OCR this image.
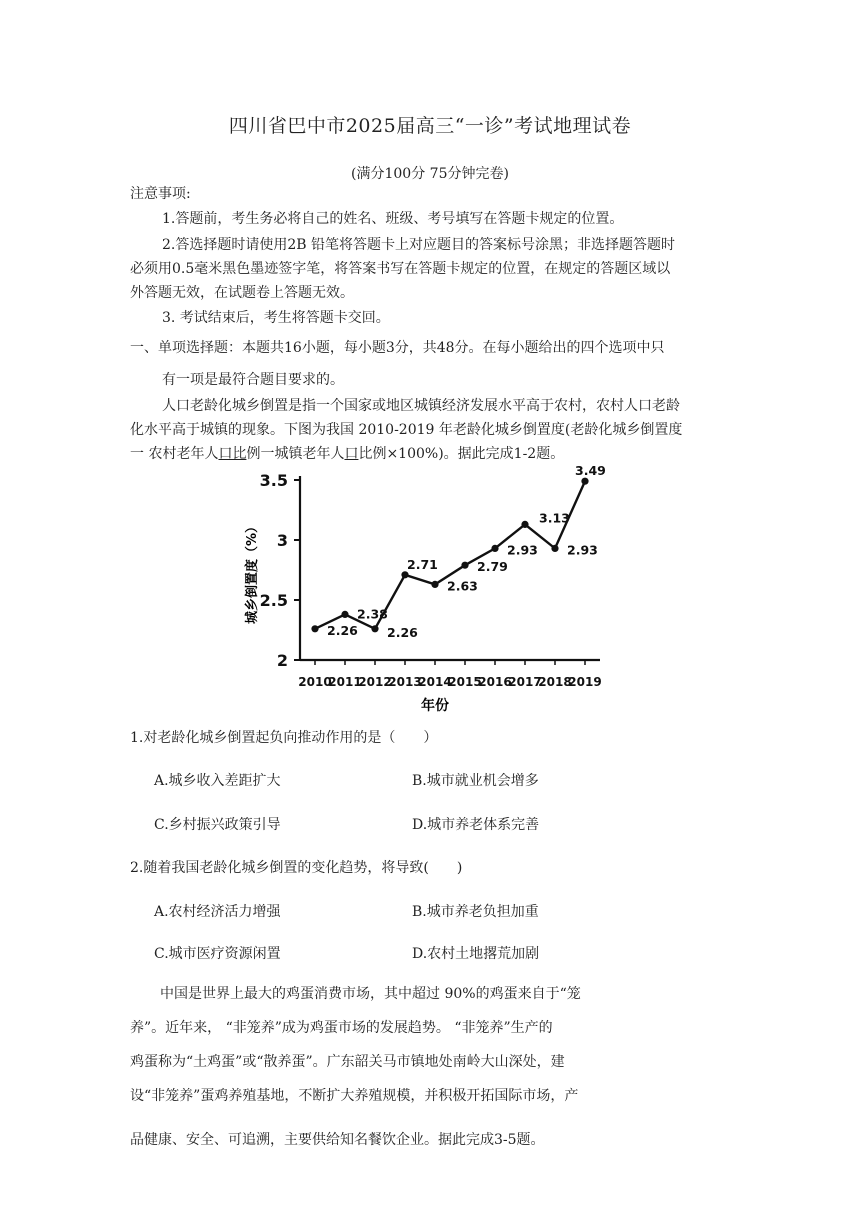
四川省巴中市2025届高三“一诊”考试地理试卷
(满分100分 75分钟完卷)
注意事项:
1.答题前，考生务必将自己的姓名、班级、考号填写在答题卡规定的位置。
2.答选择题时请使用2B 铅笔将答题卡上对应题目的答案标号涂黑；非选择题答题时
必须用0.5毫米黑色墨迹签字笔，将答案书写在答题卡规定的位置，在规定的答题区域以
外答题无效，在试题卷上答题无效。
3. 考试结束后，考生将答题卡交回。
一、单项选择题：本题共16小题，每小题3分，共48分。在每小题给出的四个选项中只
有一项是最符合题目要求的。
人口老龄化城乡倒置是指一个国家或地区城镇经济发展水平高于农村，农村人口老龄
化水平高于城镇的现象。下图为我国 2010-2019 年老龄化城乡倒置度(老龄化城乡倒置度
一 农村老年人口比例一城镇老年人口比例×100%)。据此完成1-2题。
2
2.5
3
3.5
2010
2011
2012
2013
2014
2015
2016
2017
2018
2019
2.26
2.38
2.26
2.71
2.63
2.79
2.93
3.13
2.93
3.49
城乡倒置度（%）
年份
1.对老龄化城乡倒置起负向推动作用的是（　　）
A.城乡收入差距扩大	B.城市就业机会增多
C.乡村振兴政策引导	D.城市养老体系完善
2.随着我国老龄化城乡倒置的变化趋势，将导致(　　)
A.农村经济活力增强	B.城市养老负担加重
C.城市医疗资源闲置	D.农村土地撂荒加剧
中国是世界上最大的鸡蛋消费市场，其中超过 90%的鸡蛋来自于“笼
养”。近年来， “非笼养”成为鸡蛋市场的发展趋势。 “非笼养”生产的
鸡蛋称为“土鸡蛋”或“散养蛋”。广东韶关马市镇地处南岭大山深处，建
设“非笼养”蛋鸡养殖基地，不断扩大养殖规模，并积极开拓国际市场，产
品健康、安全、可追溯，主要供给知名餐饮企业。据此完成3-5题。
